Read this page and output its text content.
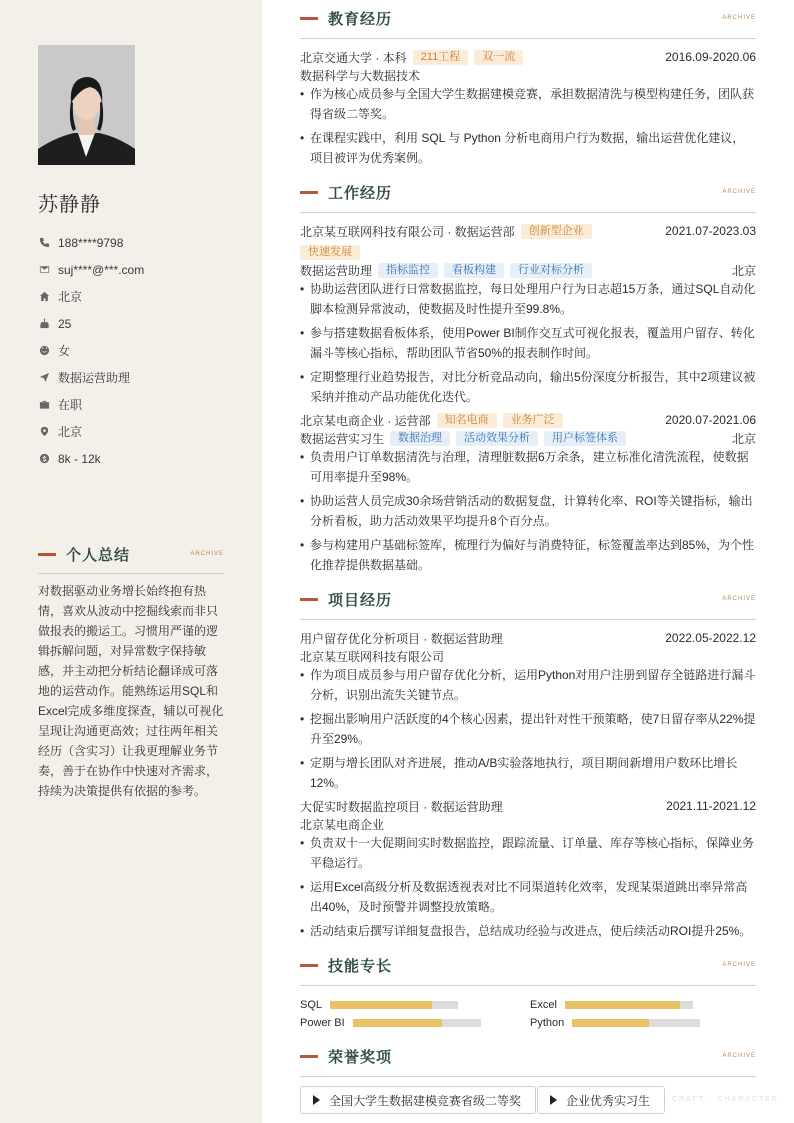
苏静静
188****9798
suj****@***.com
北京
25
女
数据运营助理
在职
北京
8k - 12k
个人总结	ARCHIVE
对数据驱动业务增长始终抱有热情，喜欢从波动中挖掘线索而非只做报表的搬运工。习惯用严谨的逻辑拆解问题，对异常数字保持敏感，并主动把分析结论翻译成可落地的运营动作。能熟练运用SQL和Excel完成多维度探查，辅以可视化呈现让沟通更高效；过往两年相关经历（含实习）让我更理解业务节奏，善于在协作中快速对齐需求，持续为决策提供有依据的参考。
教育经历	ARCHIVE
北京交通大学 · 本科	211工程	双一流	2016.09-2020.06
数据科学与大数据技术
• 作为核心成员参与全国大学生数据建模竞赛，承担数据清洗与模型构建任务，团队获得省级二等奖。
• 在课程实践中，利用 SQL 与 Python 分析电商用户行为数据，输出运营优化建议，项目被评为优秀案例。
工作经历	ARCHIVE
北京某互联网科技有限公司 · 数据运营部	创新型企业	2021.07-2023.03
快速发展
数据运营助理	指标监控	看板构建	行业对标分析	北京
• 协助运营团队进行日常数据监控，每日处理用户行为日志超15万条，通过SQL自动化脚本检测异常波动，使数据及时性提升至99.8%。
• 参与搭建数据看板体系，使用Power BI制作交互式可视化报表，覆盖用户留存、转化漏斗等核心指标，帮助团队节省50%的报表制作时间。
• 定期整理行业趋势报告，对比分析竞品动向，输出5份深度分析报告，其中2项建议被采纳并推动产品功能优化迭代。
北京某电商企业 · 运营部	知名电商	业务广泛	2020.07-2021.06
数据运营实习生	数据治理	活动效果分析	用户标签体系	北京
• 负责用户订单数据清洗与治理，清理脏数据6万余条，建立标准化清洗流程，使数据可用率提升至98%。
• 协助运营人员完成30余场营销活动的数据复盘，计算转化率、ROI等关键指标，输出分析看板，助力活动效果平均提升8个百分点。
• 参与构建用户基础标签库，梳理行为偏好与消费特征，标签覆盖率达到85%，为个性化推荐提供数据基础。
项目经历	ARCHIVE
用户留存优化分析项目 · 数据运营助理	2022.05-2022.12
北京某互联网科技有限公司
• 作为项目成员参与用户留存优化分析，运用Python对用户注册到留存全链路进行漏斗分析，识别出流失关键节点。
• 挖掘出影响用户活跃度的4个核心因素，提出针对性干预策略，使7日留存率从22%提升至29%。
• 定期与增长团队对齐进展，推动A/B实验落地执行，项目期间新增用户数环比增长12%。
大促实时数据监控项目 · 数据运营助理	2021.11-2021.12
北京某电商企业
• 负责双十一大促期间实时数据监控，跟踪流量、订单量、库存等核心指标，保障业务平稳运行。
• 运用Excel高级分析及数据透视表对比不同渠道转化效率，发现某渠道跳出率异常高出40%，及时预警并调整投放策略。
• 活动结束后撰写详细复盘报告，总结成功经验与改进点，使后续活动ROI提升25%。
技能专长	ARCHIVE
SQL	Excel
Power BI	Python
荣誉奖项	ARCHIVE
全国大学生数据建模竞赛省级二等奖	企业优秀实习生	CRAFT · CHARACTER
